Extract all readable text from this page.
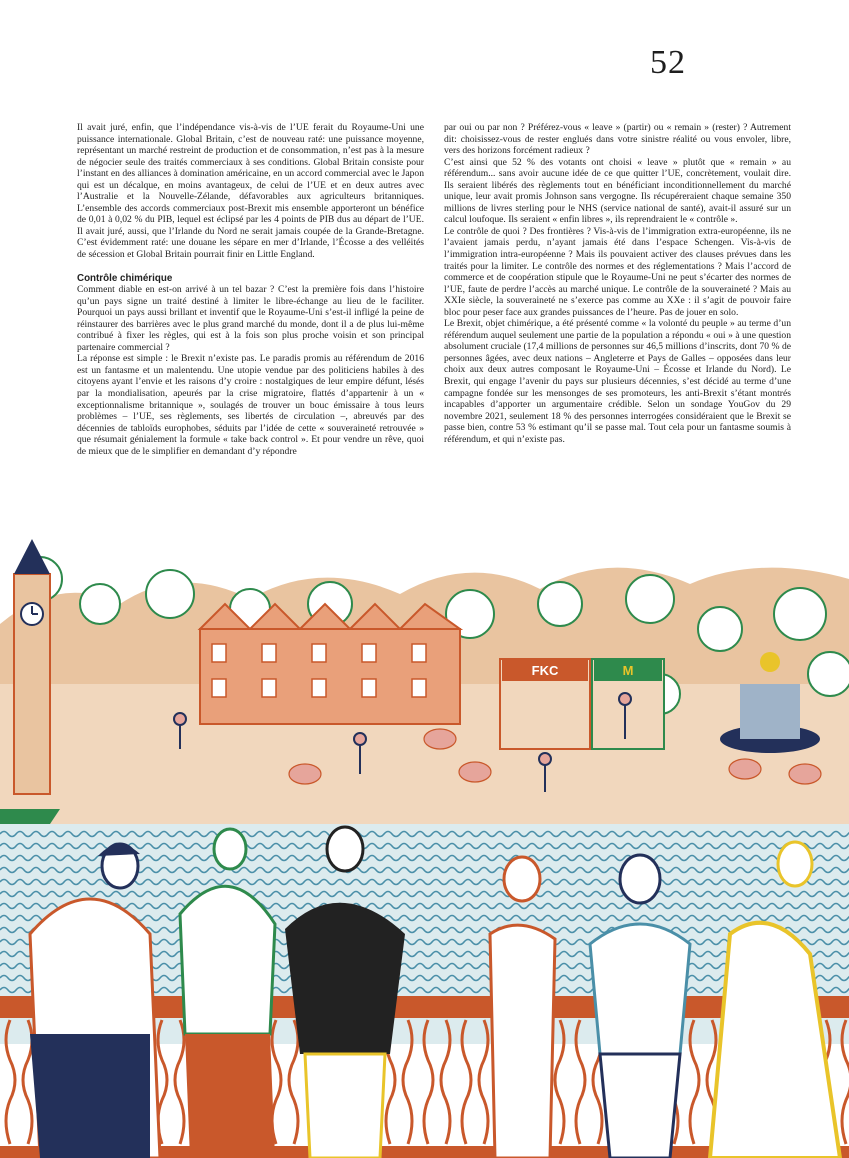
52

Il avait juré, enfin, que l’indépendance vis-à-vis de l’UE ferait du Royaume-Uni une puissance internationale. Global Britain, c’est de nouveau raté: une puissance moyenne, représentant un marché restreint de production et de consommation, n’est pas à la mesure de négocier seule des traités commerciaux à ses conditions. Global Britain consiste pour l’instant en des alliances à domination américaine, en un accord commercial avec le Japon qui est un décalque, en moins avantageux, de celui de l’UE et en deux autres avec l’Australie et la Nouvelle-Zélande, défavorables aux agriculteurs britanniques. L’ensemble des accords commerciaux post-Brexit mis ensemble apporteront un bénéfice de 0,01 à 0,02 % du PIB, lequel est éclipsé par les 4 points de PIB dus au départ de l’UE. Il avait juré, aussi, que l’Irlande du Nord ne serait jamais coupée de la Grande-Bretagne. C’est évidemment raté: une douane les sépare en mer d’Irlande, l’Écosse a des velléités de sécession et Global Britain pourrait finir en Little England.

Contrôle chimérique

Comment diable en est-on arrivé à un tel bazar ? C’est la première fois dans l’histoire qu’un pays signe un traité destiné à limiter le libre-échange au lieu de le faciliter. Pourquoi un pays aussi brillant et inventif que le Royaume-Uni s’est-il infligé la peine de réinstaurer des barrières avec le plus grand marché du monde, dont il a de plus lui-même contribué à fixer les règles, qui est à la fois son plus proche voisin et son principal partenaire commercial ?

La réponse est simple : le Brexit n’existe pas. Le paradis promis au référendum de 2016 est un fantasme et un malentendu. Une utopie vendue par des politiciens habiles à des citoyens ayant l’envie et les raisons d’y croire : nostalgiques de leur empire défunt, lésés par la mondialisation, apeurés par la crise migratoire, flattés d’appartenir à un « exceptionnalisme britannique », soulagés de trouver un bouc émissaire à tous leurs problèmes – l’UE, ses règlements, ses libertés de circulation –, abreuvés par des décennies de tabloïds europhobes, séduits par l’idée de cette « souveraineté retrouvée » que résumait génialement la formule « take back control ». Et pour vendre un rêve, quoi de mieux que de le simplifier en demandant d’y répondre

par oui ou par non ? Préférez-vous « leave » (partir) ou « remain » (rester) ? Autrement dit: choisissez-vous de rester englués dans votre sinistre réalité ou vous envoler, libre, vers des horizons forcément radieux ?

C’est ainsi que 52 % des votants ont choisi « leave » plutôt que « remain » au référendum... sans avoir aucune idée de ce que quitter l’UE, concrètement, voulait dire. Ils seraient libérés des règlements tout en bénéficiant inconditionnellement du marché unique, leur avait promis Johnson sans vergogne. Ils récupéreraient chaque semaine 350 millions de livres sterling pour le NHS (service national de santé), avait-il assuré sur un calcul loufoque. Ils seraient « enfin libres », ils reprendraient le « contrôle ».

Le contrôle de quoi ? Des frontières ? Vis-à-vis de l’immigration extra-européenne, ils ne l’avaient jamais perdu, n’ayant jamais été dans l’espace Schengen. Vis-à-vis de l’immigration intra-européenne ? Mais ils pouvaient activer des clauses prévues dans les traités pour la limiter. Le contrôle des normes et des réglementations ? Mais l’accord de commerce et de coopération stipule que le Royaume-Uni ne peut s’écarter des normes de l’UE, faute de perdre l’accès au marché unique. Le contrôle de la souveraineté ? Mais au XXIe siècle, la souveraineté ne s’exerce pas comme au XXe : il s’agit de pouvoir faire bloc pour peser face aux grandes puissances de l’heure. Pas de jouer en solo.

Le Brexit, objet chimérique, a été présenté comme « la volonté du peuple » au terme d’un référendum auquel seulement une partie de la population a répondu « oui » à une question absolument cruciale (17,4 millions de personnes sur 46,5 millions d’inscrits, dont 70 % de personnes âgées, avec deux nations – Angleterre et Pays de Galles – opposées dans leur choix aux deux autres composant le Royaume-Uni – Écosse et Irlande du Nord). Le Brexit, qui engage l’avenir du pays sur plusieurs décennies, s’est décidé au terme d’une campagne fondée sur les mensonges de ses promoteurs, les anti-Brexit s’étant montrés incapables d’apporter un argumentaire crédible. Selon un sondage YouGov du 29 novembre 2021, seulement 18 % des personnes interrogées considéraient que le Brexit se passe bien, contre 53 % estimant qu’il se passe mal. Tout cela pour un fantasme soumis à référendum, et qui n’existe pas.

FKC	M
